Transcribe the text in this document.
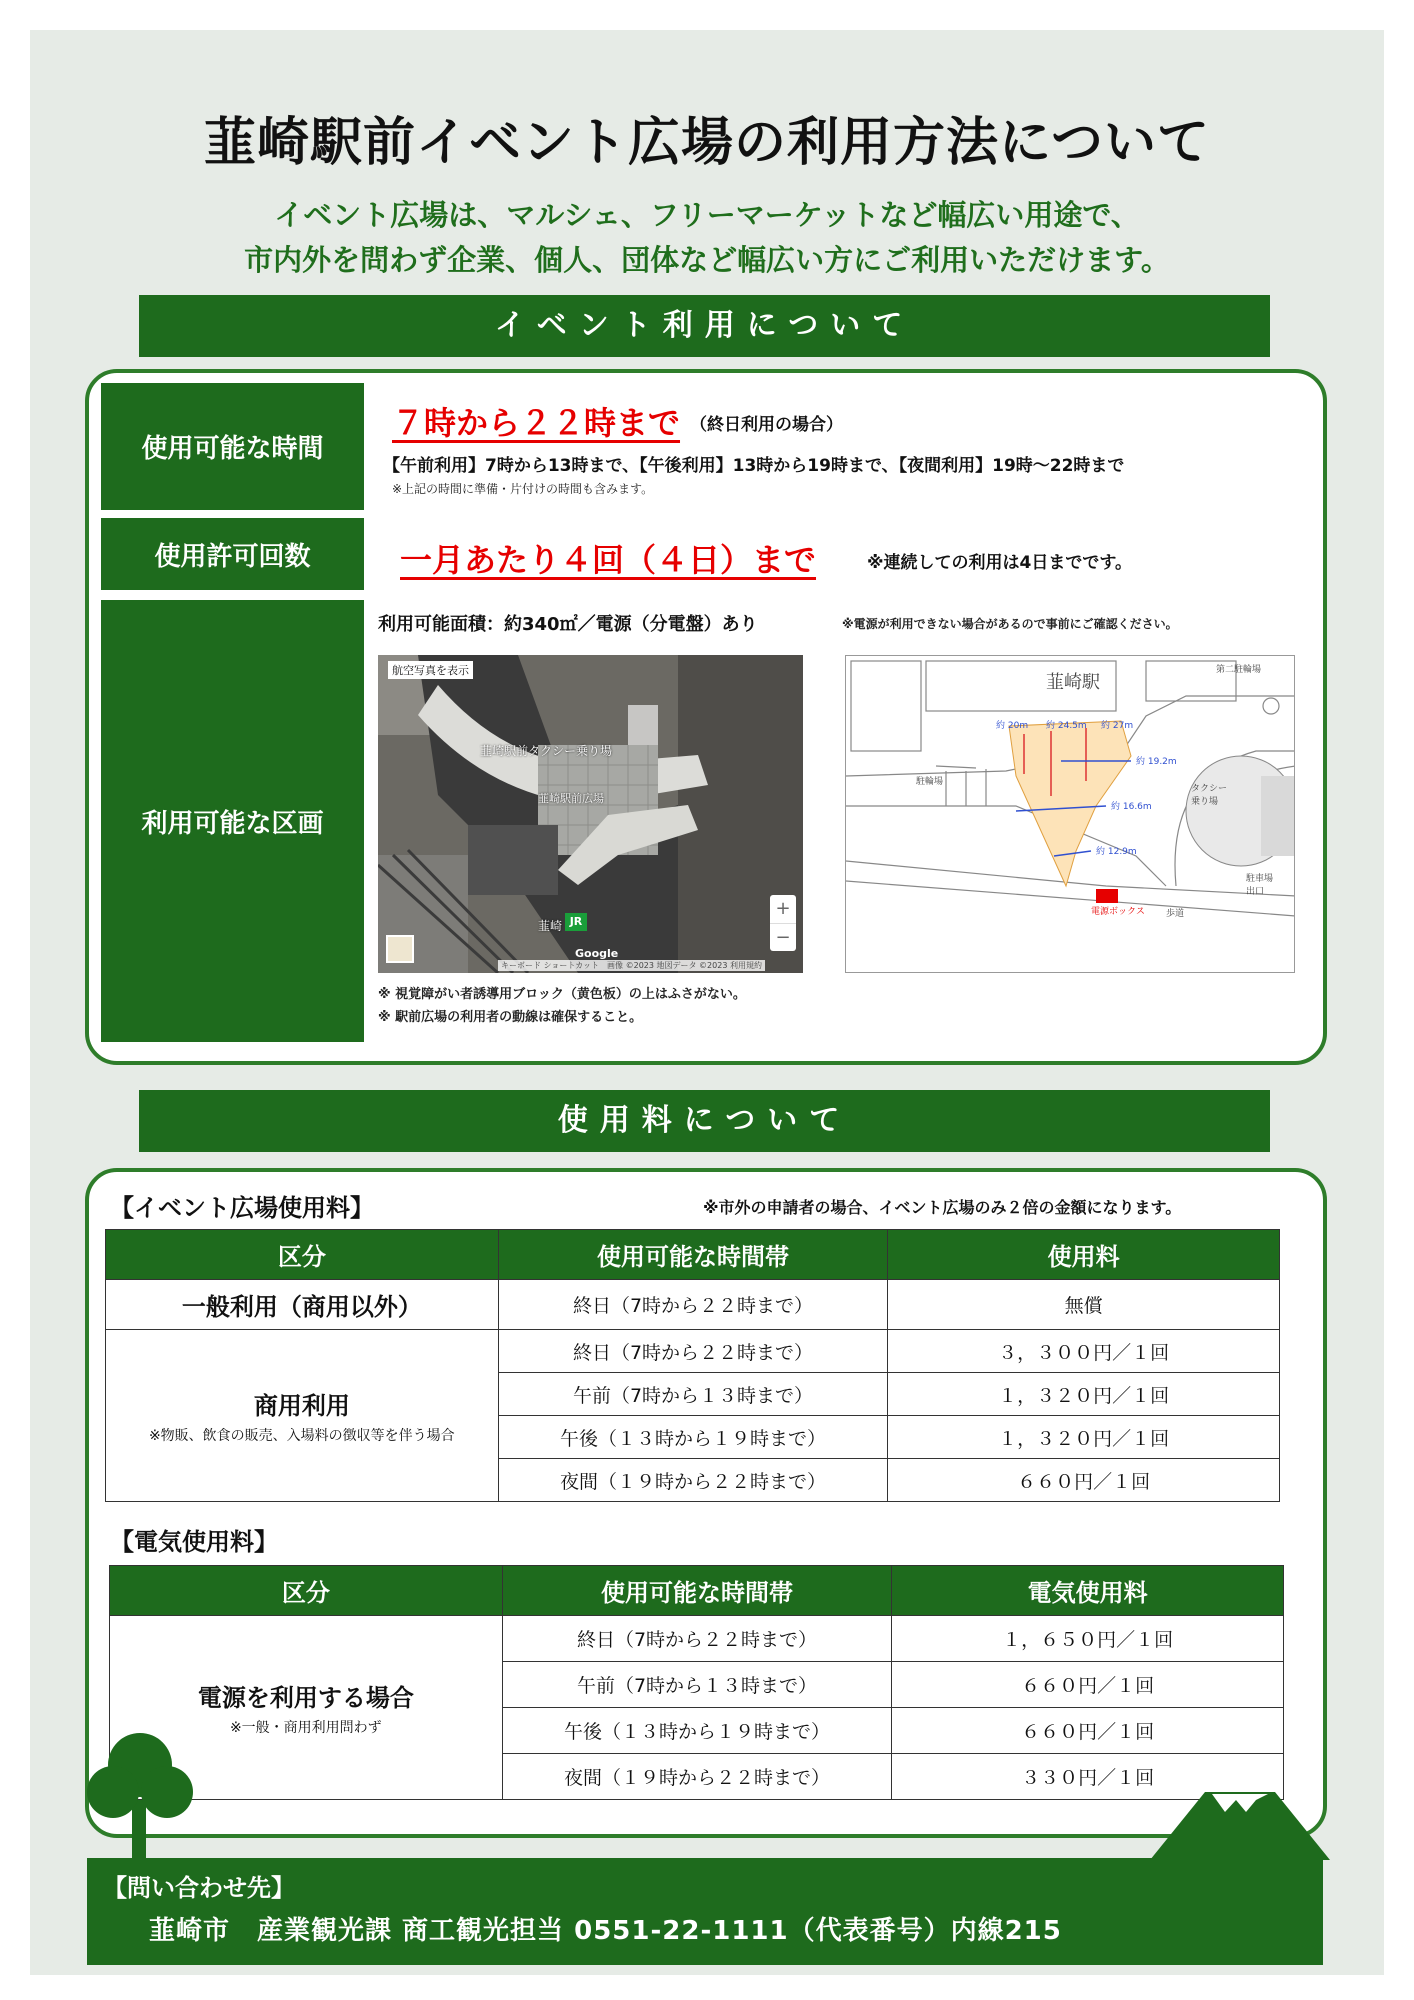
韮崎駅前イベント広場の利用方法について
イベント広場は、マルシェ、フリーマーケットなど幅広い用途で、
市内外を問わず企業、個人、団体など幅広い方にご利用いただけます。
イベント利用について
使用可能な時間
７時から２２時まで （終日利用の場合）
【午前利用】7時から13時まで、【午後利用】13時から19時まで、【夜間利用】19時～22時まで
※上記の時間に準備・片付けの時間も含みます。
使用許可回数	一月あたり４回（４日）まで	※連続しての利用は4日までです。
利用可能な区画
利用可能面積：約340㎡／電源（分電盤）あり	※電源が利用できない場合があるので事前にご確認ください。
航空写真を表示
韮崎駅前タクシー乗り場
韮崎駅前広場
韮崎 JR
+
−
Google
キーボード ショートカット　画像 ©2023 地図データ ©2023 利用規約
韮崎駅
第二駐輪場
駐輪場
タクシー
乗り場
歩道
駐車場
出口
電源ボックス
約 20m 約 24.5m 約 27m
約 19.2m
約 16.6m
約 12.9m
※ 視覚障がい者誘導用ブロック（黄色板）の上はふさがない。
※ 駅前広場の利用者の動線は確保すること。
使用料について
【イベント広場使用料】	※市外の申請者の場合、イベント広場のみ２倍の金額になります。
区分	使用可能な時間帯	使用料
一般利用（商用以外）	終日（7時から２２時まで）	無償
商用利用
※物販、飲食の販売、入場料の徴収等を伴う場合	終日（7時から２２時まで）	３，３００円／１回
	午前（7時から１３時まで）	１，３２０円／１回
	午後（１３時から１９時まで）	１，３２０円／１回
	夜間（１９時から２２時まで）	６６０円／１回
【電気使用料】
区分	使用可能な時間帯	電気使用料
電源を利用する場合
※一般・商用利用問わず	終日（7時から２２時まで）	１，６５０円／１回
	午前（7時から１３時まで）	６６０円／１回
	午後（１３時から１９時まで）	６６０円／１回
	夜間（１９時から２２時まで）	３３０円／１回
【問い合わせ先】
韮崎市　産業観光課 商工観光担当 0551-22-1111（代表番号）内線215
